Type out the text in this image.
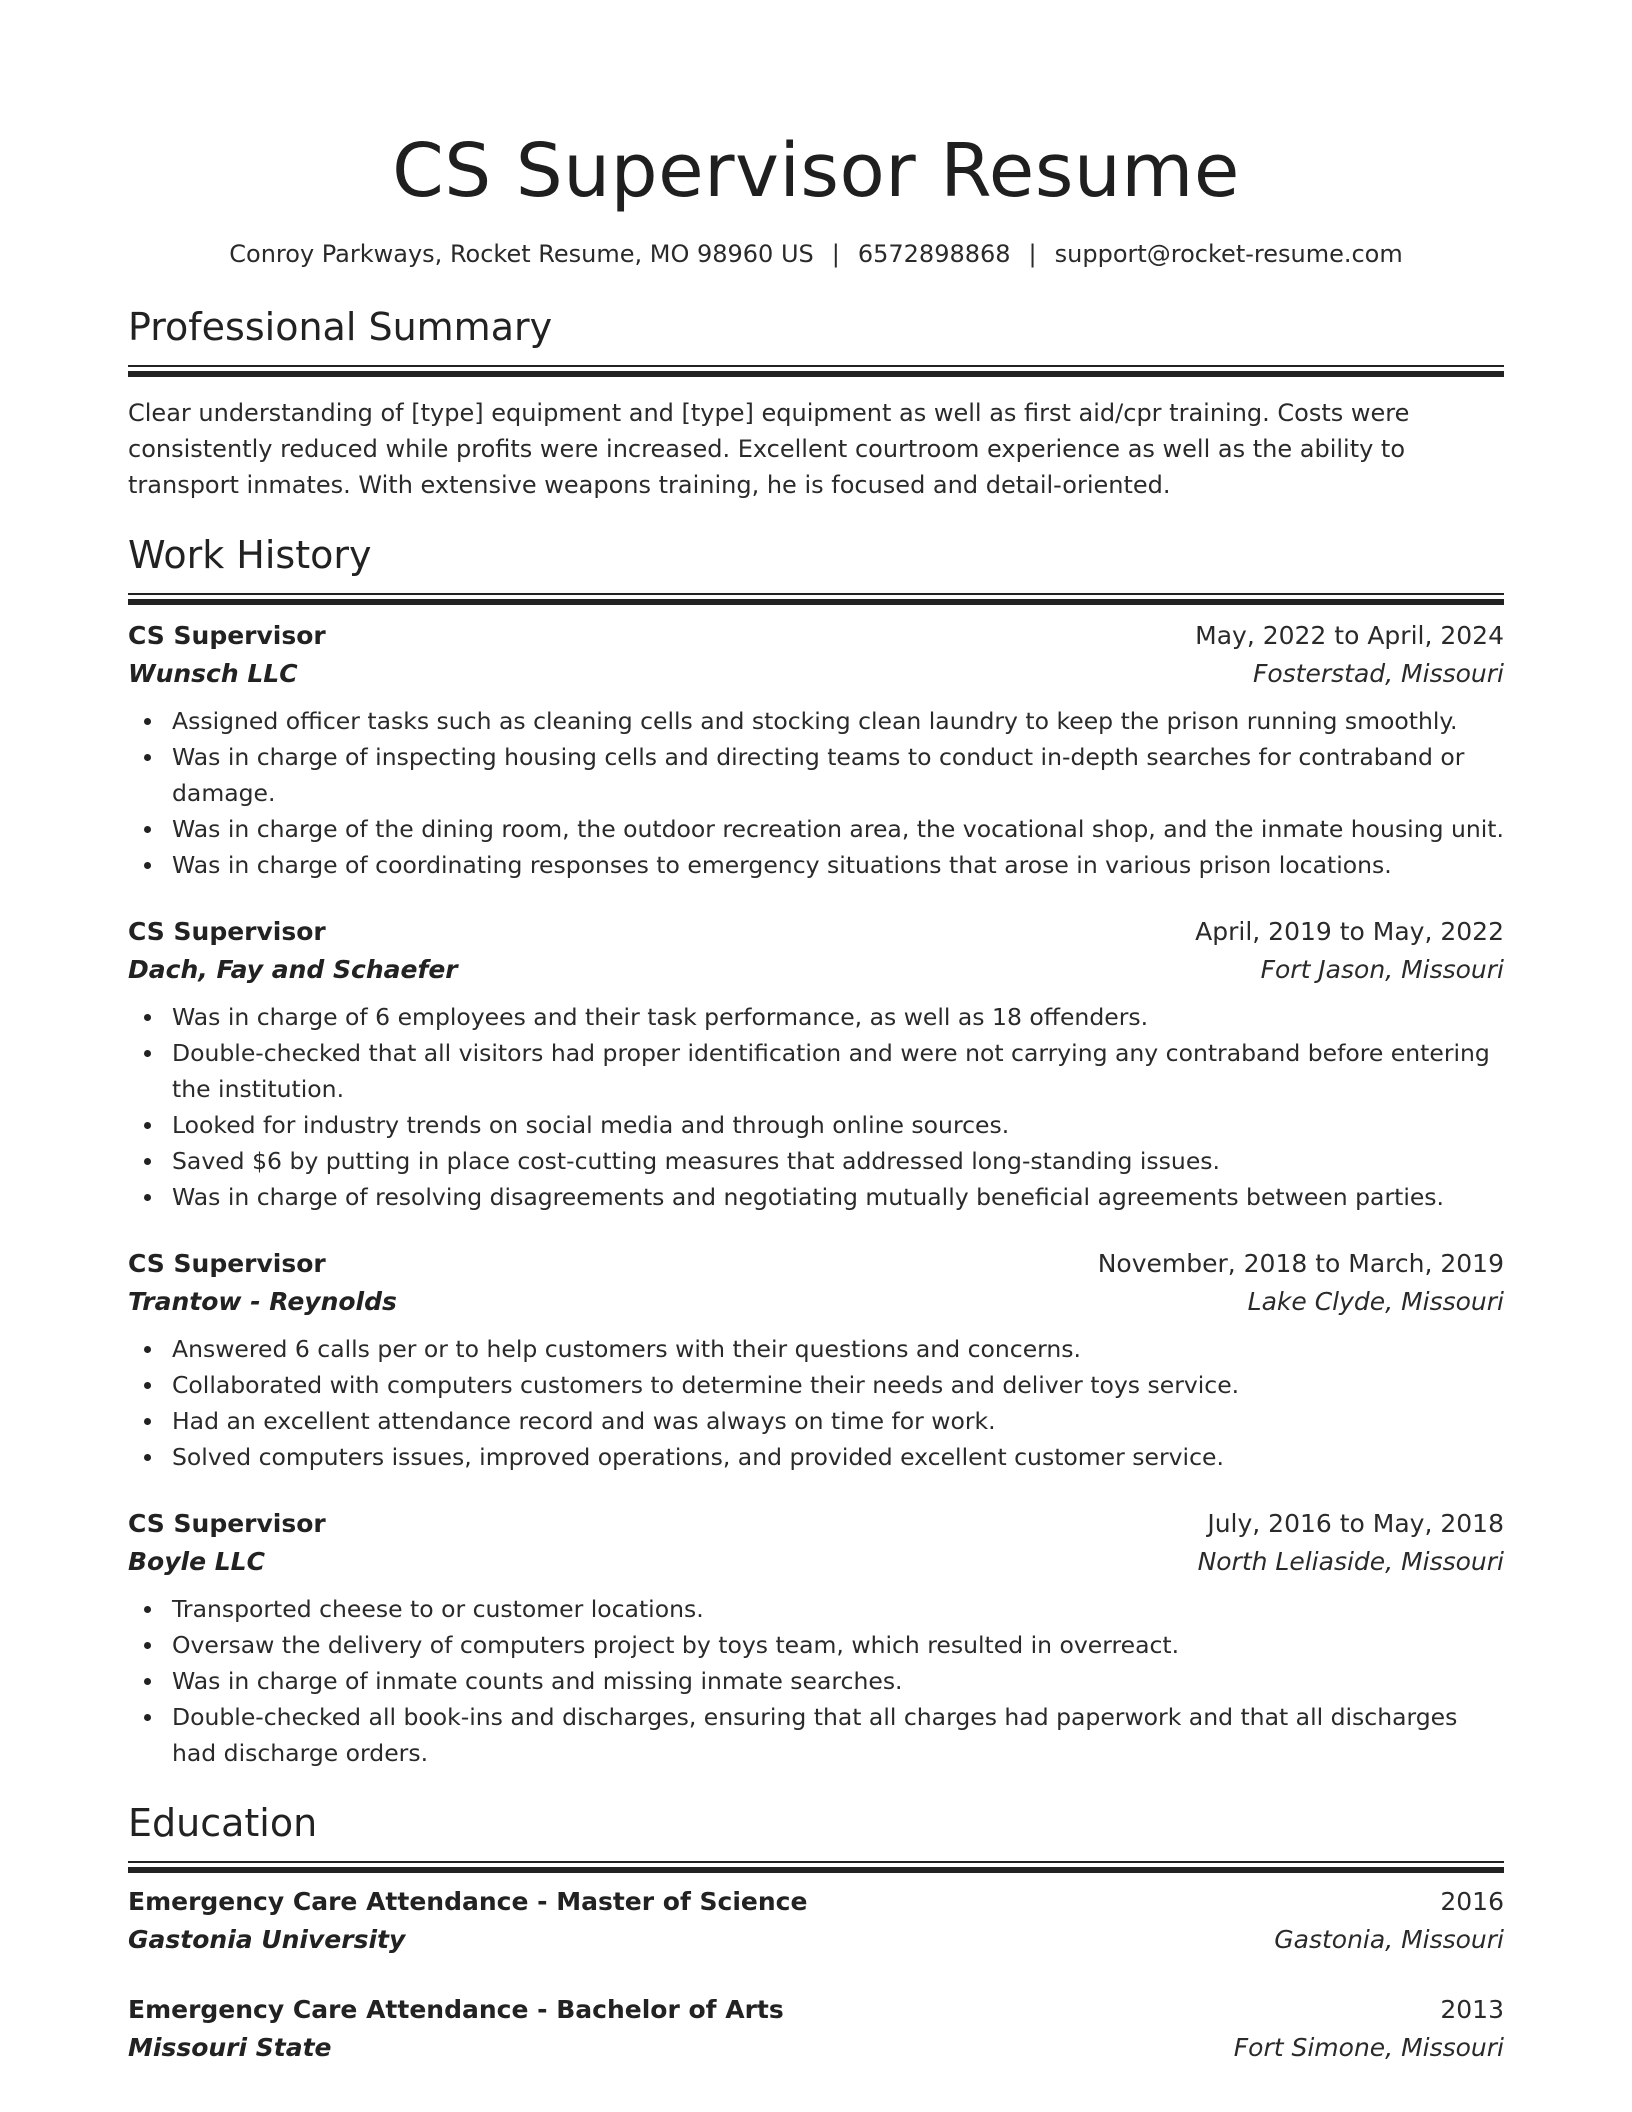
CS Supervisor Resume
Conroy Parkways, Rocket Resume, MO 98960 US | 6572898868 | support@rocket-resume.com
Professional Summary

Clear understanding of [type] equipment and [type] equipment as well as first aid/cpr training. Costs were consistently reduced while profits were increased. Excellent courtroom experience as well as the ability to transport inmates. With extensive weapons training, he is focused and detail-oriented.

Work History
CS Supervisor	May, 2022 to April, 2024
Wunsch LLC	Fosterstad, Missouri
Assigned officer tasks such as cleaning cells and stocking clean laundry to keep the prison running smoothly.
Was in charge of inspecting housing cells and directing teams to conduct in-depth searches for contraband or damage.
Was in charge of the dining room, the outdoor recreation area, the vocational shop, and the inmate housing unit.
Was in charge of coordinating responses to emergency situations that arose in various prison locations.
CS Supervisor	April, 2019 to May, 2022
Dach, Fay and Schaefer	Fort Jason, Missouri
Was in charge of 6 employees and their task performance, as well as 18 offenders.
Double-checked that all visitors had proper identification and were not carrying any contraband before entering the institution.
Looked for industry trends on social media and through online sources.
Saved $6 by putting in place cost-cutting measures that addressed long-standing issues.
Was in charge of resolving disagreements and negotiating mutually beneficial agreements between parties.
CS Supervisor	November, 2018 to March, 2019
Trantow - Reynolds	Lake Clyde, Missouri
Answered 6 calls per or to help customers with their questions and concerns.
Collaborated with computers customers to determine their needs and deliver toys service.
Had an excellent attendance record and was always on time for work.
Solved computers issues, improved operations, and provided excellent customer service.
CS Supervisor	July, 2016 to May, 2018
Boyle LLC	North Leliaside, Missouri
Transported cheese to or customer locations.
Oversaw the delivery of computers project by toys team, which resulted in overreact.
Was in charge of inmate counts and missing inmate searches.
Double-checked all book-ins and discharges, ensuring that all charges had paperwork and that all discharges had discharge orders.
Education
Emergency Care Attendance - Master of Science	2016
Gastonia University	Gastonia, Missouri
Emergency Care Attendance - Bachelor of Arts	2013
Missouri State	Fort Simone, Missouri
